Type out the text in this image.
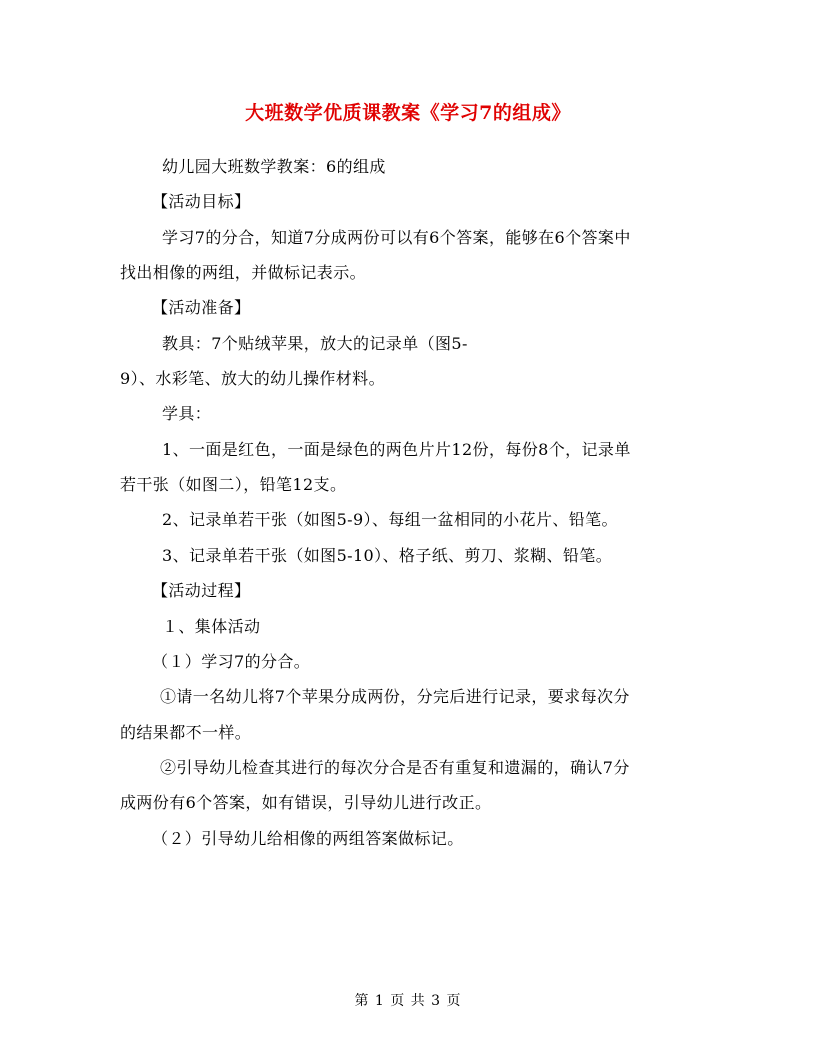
大班数学优质课教案《学习7的组成》
幼儿园大班数学教案：6的组成
【活动目标】
学习7的分合，知道7分成两份可以有6个答案，能够在6个答案中
找出相像的两组，并做标记表示。
【活动准备】
教具：7个贴绒苹果，放大的记录单（图5-
9）、水彩笔、放大的幼儿操作材料。
学具：
1、一面是红色，一面是绿色的两色片片12份，每份8个，记录单
若干张（如图二），铅笔12支。
2、记录单若干张（如图5-9）、每组一盆相同的小花片、铅笔。
3、记录单若干张（如图5-10）、格子纸、剪刀、浆糊、铅笔。
【活动过程】
１、集体活动
（１）学习7的分合。
①请一名幼儿将7个苹果分成两份，分完后进行记录，要求每次分
的结果都不一样。
②引导幼儿检查其进行的每次分合是否有重复和遗漏的，确认7分
成两份有6个答案，如有错误，引导幼儿进行改正。
（２）引导幼儿给相像的两组答案做标记。
第 1 页 共 3 页
